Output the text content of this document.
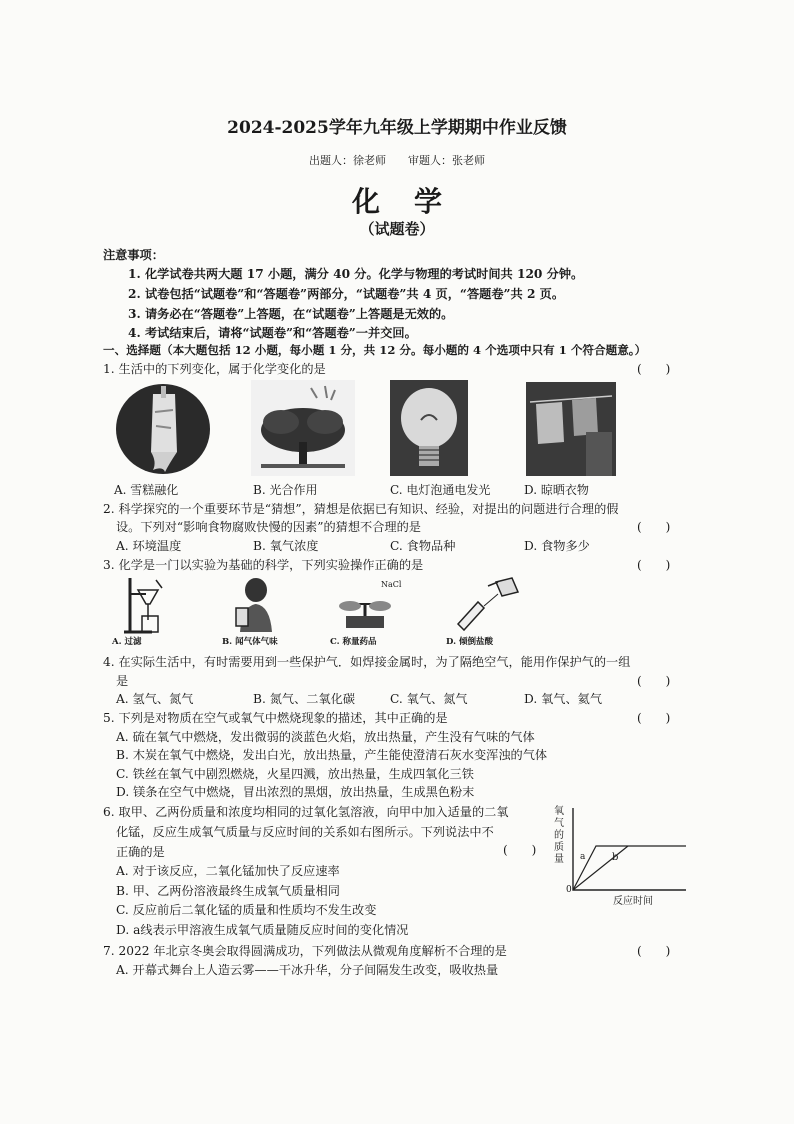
2024-2025学年九年级上学期期中作业反馈
出题人：徐老师　　审题人：张老师
化学
（试题卷）
注意事项：
1. 化学试卷共两大题 17 小题，满分 40 分。化学与物理的考试时间共 120 分钟。
2. 试卷包括“试题卷”和“答题卷”两部分，“试题卷”共 4 页，“答题卷”共 2 页。
3. 请务必在“答题卷”上答题，在“试题卷”上答题是无效的。
4. 考试结束后，请将“试题卷”和“答题卷”一并交回。
一、选择题（本大题包括 12 小题，每小题 1 分，共 12 分。每小题的 4 个选项中只有 1 个符合题意。）
1. 生活中的下列变化，属于化学变化的是	(　　)
A. 雪糕融化	B. 光合作用	C. 电灯泡通电发光	D. 晾晒衣物
2. 科学探究的一个重要环节是“猜想”，猜想是依据已有知识、经验，对提出的问题进行合理的假
设。下列对“影响食物腐败快慢的因素”的猜想不合理的是	(　　)
A. 环境温度	B. 氧气浓度	C. 食物品种	D. 食物多少
3. 化学是一门以实验为基础的科学，下列实验操作正确的是	(　　)
NaCl
A. 过滤	B. 闻气体气味	C. 称量药品	D. 倾倒盐酸
4. 在实际生活中，有时需要用到一些保护气．如焊接金属时，为了隔绝空气，能用作保护气的一组
是	(　　)
A. 氢气、氮气	B. 氮气、二氧化碳	C. 氧气、氮气	D. 氧气、氦气
5. 下列是对物质在空气或氧气中燃烧现象的描述，其中正确的是	(　　)
A. 硫在氧气中燃烧，发出微弱的淡蓝色火焰，放出热量，产生没有气味的气体
B. 木炭在氧气中燃烧，发出白光，放出热量，产生能使澄清石灰水变浑浊的气体
C. 铁丝在氧气中剧烈燃烧，火星四溅，放出热量，生成四氧化三铁
D. 镁条在空气中燃烧，冒出浓烈的黑烟，放出热量，生成黑色粉末
6. 取甲、乙两份质量和浓度均相同的过氧化氢溶液，向甲中加入适量的二氧
化锰，反应生成氧气质量与反应时间的关系如右图所示。下列说法中不
正确的是	(　　)
A. 对于该反应，二氧化锰加快了反应速率
B. 甲、乙两份溶液最终生成氧气质量相同
C. 反应前后二氧化锰的质量和性质均不发生改变
D. a线表示甲溶液生成氧气质量随反应时间的变化情况
氧气的质量 a	b
0
反应时间
7. 2022 年北京冬奥会取得圆满成功，下列做法从微观角度解析不合理的是	(　　)
A. 开幕式舞台上人造云雾——干冰升华，分子间隔发生改变，吸收热量
